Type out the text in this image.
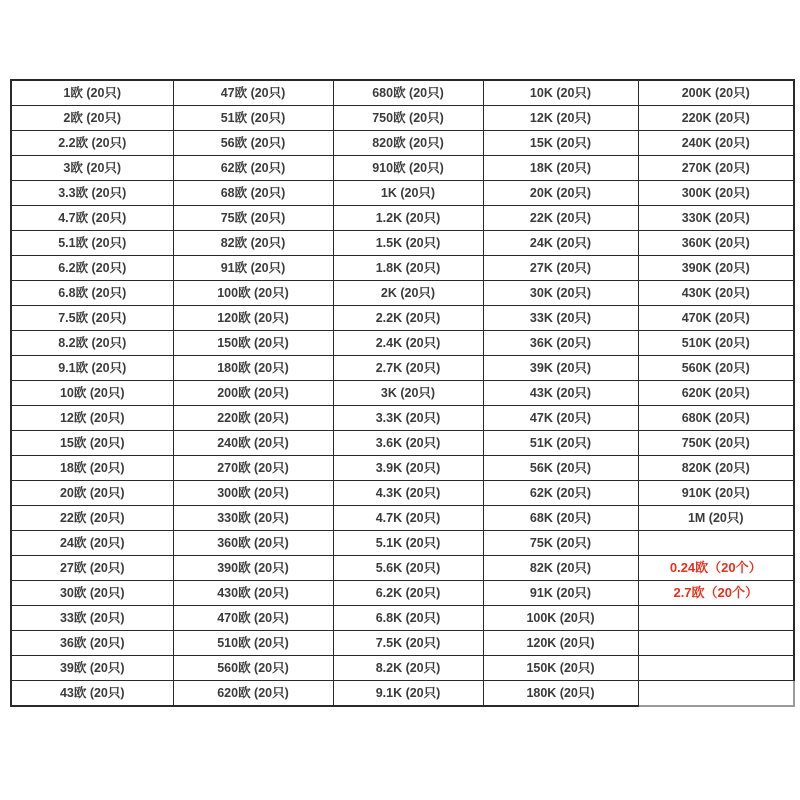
1欧 (20只)	47欧 (20只)	680欧 (20只)	10K (20只)	200K (20只)
2欧 (20只)	51欧 (20只)	750欧 (20只)	12K (20只)	220K (20只)
2.2欧 (20只)	56欧 (20只)	820欧 (20只)	15K (20只)	240K (20只)
3欧 (20只)	62欧 (20只)	910欧 (20只)	18K (20只)	270K (20只)
3.3欧 (20只)	68欧 (20只)	1K (20只)	20K (20只)	300K (20只)
4.7欧 (20只)	75欧 (20只)	1.2K (20只)	22K (20只)	330K (20只)
5.1欧 (20只)	82欧 (20只)	1.5K (20只)	24K (20只)	360K (20只)
6.2欧 (20只)	91欧 (20只)	1.8K (20只)	27K (20只)	390K (20只)
6.8欧 (20只)	100欧 (20只)	2K (20只)	30K (20只)	430K (20只)
7.5欧 (20只)	120欧 (20只)	2.2K (20只)	33K (20只)	470K (20只)
8.2欧 (20只)	150欧 (20只)	2.4K (20只)	36K (20只)	510K (20只)
9.1欧 (20只)	180欧 (20只)	2.7K (20只)	39K (20只)	560K (20只)
10欧 (20只)	200欧 (20只)	3K (20只)	43K (20只)	620K (20只)
12欧 (20只)	220欧 (20只)	3.3K (20只)	47K (20只)	680K (20只)
15欧 (20只)	240欧 (20只)	3.6K (20只)	51K (20只)	750K (20只)
18欧 (20只)	270欧 (20只)	3.9K (20只)	56K (20只)	820K (20只)
20欧 (20只)	300欧 (20只)	4.3K (20只)	62K (20只)	910K (20只)
22欧 (20只)	330欧 (20只)	4.7K (20只)	68K (20只)	1M (20只)
24欧 (20只)	360欧 (20只)	5.1K (20只)	75K (20只)	
27欧 (20只)	390欧 (20只)	5.6K (20只)	82K (20只)	0.24欧（20个）
30欧 (20只)	430欧 (20只)	6.2K (20只)	91K (20只)	2.7欧（20个）
33欧 (20只)	470欧 (20只)	6.8K (20只)	100K (20只)	
36欧 (20只)	510欧 (20只)	7.5K (20只)	120K (20只)	
39欧 (20只)	560欧 (20只)	8.2K (20只)	150K (20只)	
43欧 (20只)	620欧 (20只)	9.1K (20只)	180K (20只)	
